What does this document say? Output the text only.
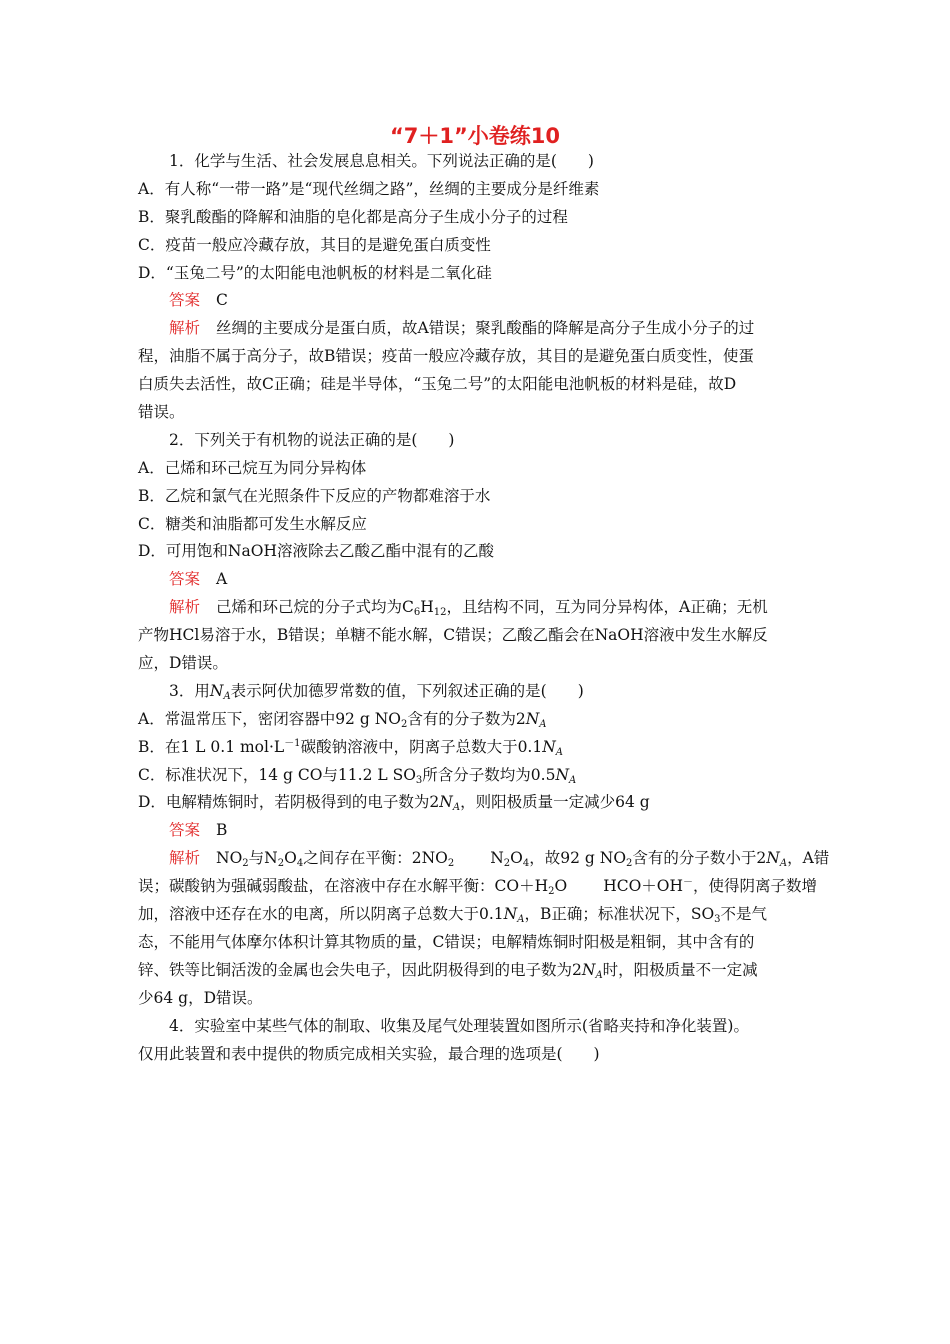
“7＋1”小卷练10
1．化学与生活、社会发展息息相关。下列说法正确的是(　　)
A．有人称“一带一路”是“现代丝绸之路”，丝绸的主要成分是纤维素
B．聚乳酸酯的降解和油脂的皂化都是高分子生成小分子的过程
C．疫苗一般应冷藏存放，其目的是避免蛋白质变性
D．“玉兔二号”的太阳能电池帆板的材料是二氧化硅
答案 C
解析 丝绸的主要成分是蛋白质，故A错误；聚乳酸酯的降解是高分子生成小分子的过
程，油脂不属于高分子，故B错误；疫苗一般应冷藏存放，其目的是避免蛋白质变性，使蛋
白质失去活性，故C正确；硅是半导体，“玉兔二号”的太阳能电池帆板的材料是硅，故D
错误。
2．下列关于有机物的说法正确的是(　　)
A．己烯和环己烷互为同分异构体
B．乙烷和氯气在光照条件下反应的产物都难溶于水
C．糖类和油脂都可发生水解反应
D．可用饱和NaOH溶液除去乙酸乙酯中混有的乙酸
答案 A
解析 己烯和环己烷的分子式均为$C_6H_{12}$，且结构不同，互为同分异构体，A正确；无机
产物HCl易溶于水，B错误；单糖不能水解，C错误；乙酸乙酯会在NaOH溶液中发生水解反
应，D错误。
3．用$N_A$表示阿伏加德罗常数的值，下列叙述正确的是(　　)
A．常温常压下，密闭容器中92 g $NO_2$含有的分子数为$2N_A$
B．在1 L 0.1 $mol\cdot L^{-1}$碳酸钠溶液中，阴离子总数大于$0.1N_A$
C．标准状况下，14 g CO与11.2 L $SO_3$所含分子数均为$0.5N_A$
D．电解精炼铜时，若阴极得到的电子数为$2N_A$，则阳极质量一定减少64 g
答案 B
解析 $NO_2$与$N_2O_4$之间存在平衡：$2NO_2$ $N_2O_4$，故92 g $NO_2$含有的分子数小于$2N_A$，A错
误；碳酸钠为强碱弱酸盐，在溶液中存在水解平衡：$CO+H_2O$ HCO＋OH－，使得阴离子数增
加，溶液中还存在水的电离，所以阴离子总数大于$0.1N_A$，B正确；标准状况下，$SO_3$不是气
态，不能用气体摩尔体积计算其物质的量，C错误；电解精炼铜时阳极是粗铜，其中含有的
锌、铁等比铜活泼的金属也会失电子，因此阴极得到的电子数为$2N_A$时，阳极质量不一定减
少64 g，D错误。
4．实验室中某些气体的制取、收集及尾气处理装置如图所示(省略夹持和净化装置)。
仅用此装置和表中提供的物质完成相关实验，最合理的选项是(　　)
